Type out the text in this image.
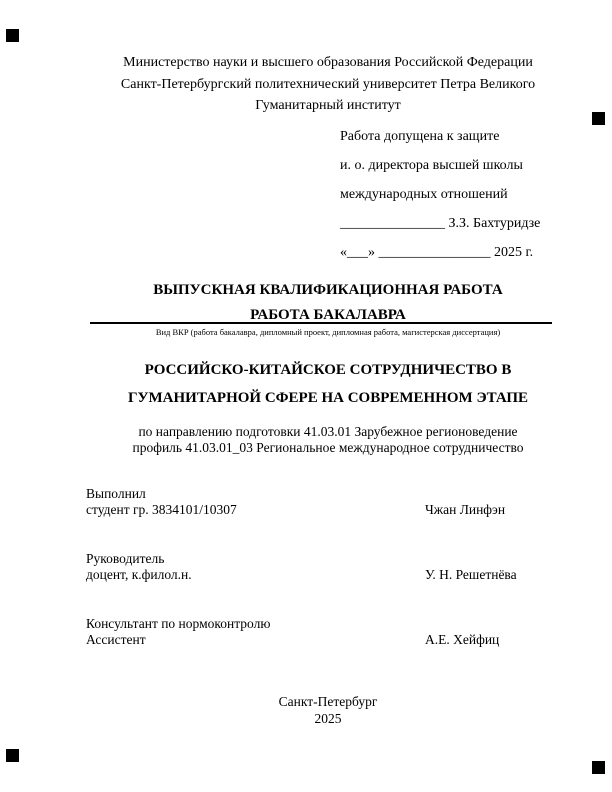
Министерство науки и высшего образования Российской Федерации
Санкт-Петербургский политехнический университет Петра Великого
Гуманитарный институт
Работа допущена к защите
и. о. директора высшей школы
международных отношений
_______________ З.З. Бахтуридзе
«___» ________________ 2025 г.
ВЫПУСКНАЯ КВАЛИФИКАЦИОННАЯ РАБОТА
РАБОТА БАКАЛАВРА
Вид ВКР (работа бакалавра, дипломный проект, дипломная работа, магистерская диссертация)
РОССИЙСКО-КИТАЙСКОЕ СОТРУДНИЧЕСТВО В
ГУМАНИТАРНОЙ СФЕРЕ НА СОВРЕМЕННОМ ЭТАПЕ
по направлению подготовки 41.03.01 Зарубежное регионоведение
профиль 41.03.01_03 Региональное международное сотрудничество
Выполнил
студент гр. 3834101/10307	Чжан Линфэн
Руководитель
доцент, к.филол.н.	У. Н. Решетнёва
Консультант по нормоконтролю
Ассистент	А.Е. Хейфиц
Санкт-Петербург
2025
